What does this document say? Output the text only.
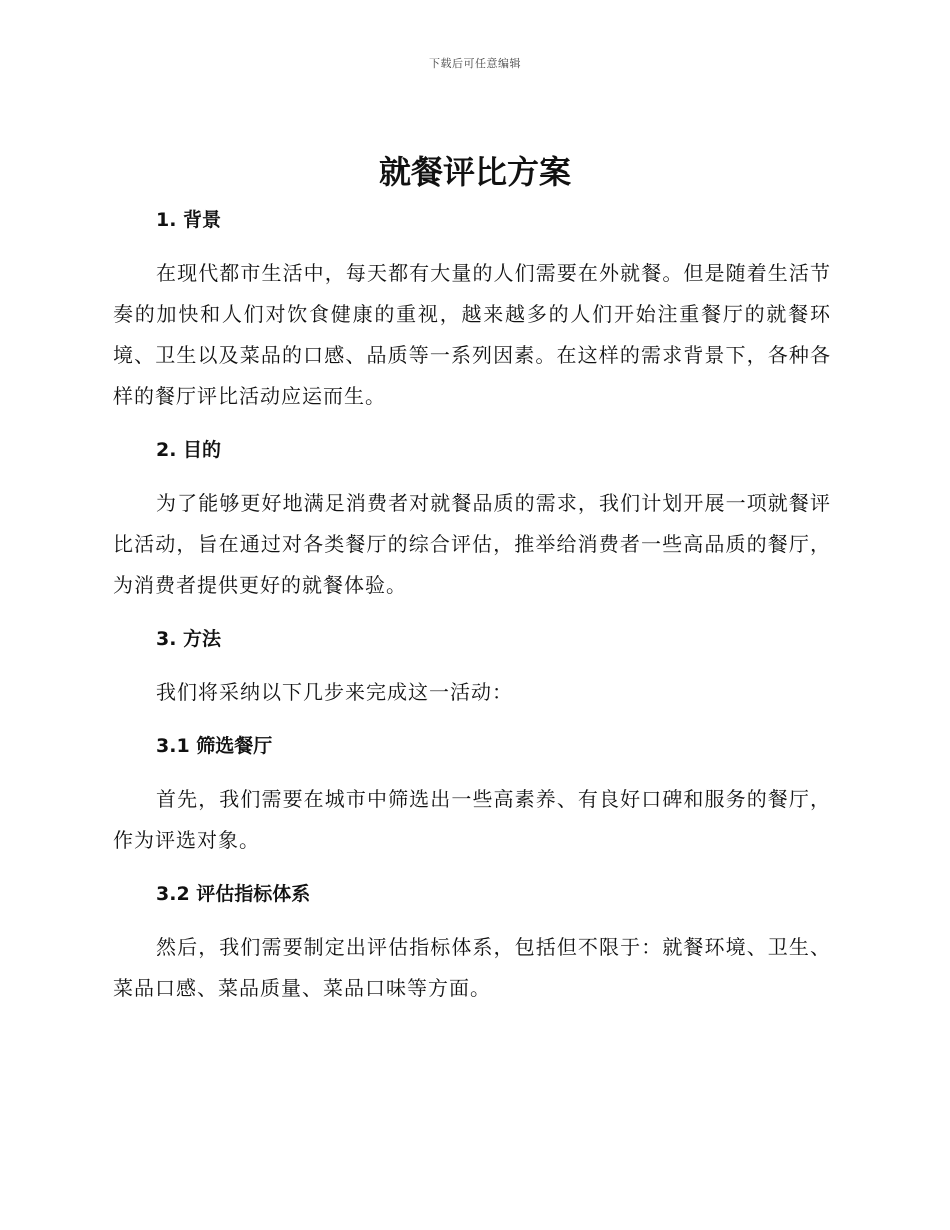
下载后可任意编辑
就餐评比方案
1. 背景

在现代都市生活中，每天都有大量的人们需要在外就餐。但是随着生活节奏的加快和人们对饮食健康的重视，越来越多的人们开始注重餐厅的就餐环境、卫生以及菜品的口感、品质等一系列因素。在这样的需求背景下，各种各样的餐厅评比活动应运而生。

2. 目的

为了能够更好地满足消费者对就餐品质的需求，我们计划开展一项就餐评比活动，旨在通过对各类餐厅的综合评估，推举给消费者一些高品质的餐厅，为消费者提供更好的就餐体验。

3. 方法

我们将采纳以下几步来完成这一活动：

3.1 筛选餐厅

首先，我们需要在城市中筛选出一些高素养、有良好口碑和服务的餐厅，作为评选对象。

3.2 评估指标体系

然后，我们需要制定出评估指标体系，包括但不限于：就餐环境、卫生、菜品口感、菜品质量、菜品口味等方面。
